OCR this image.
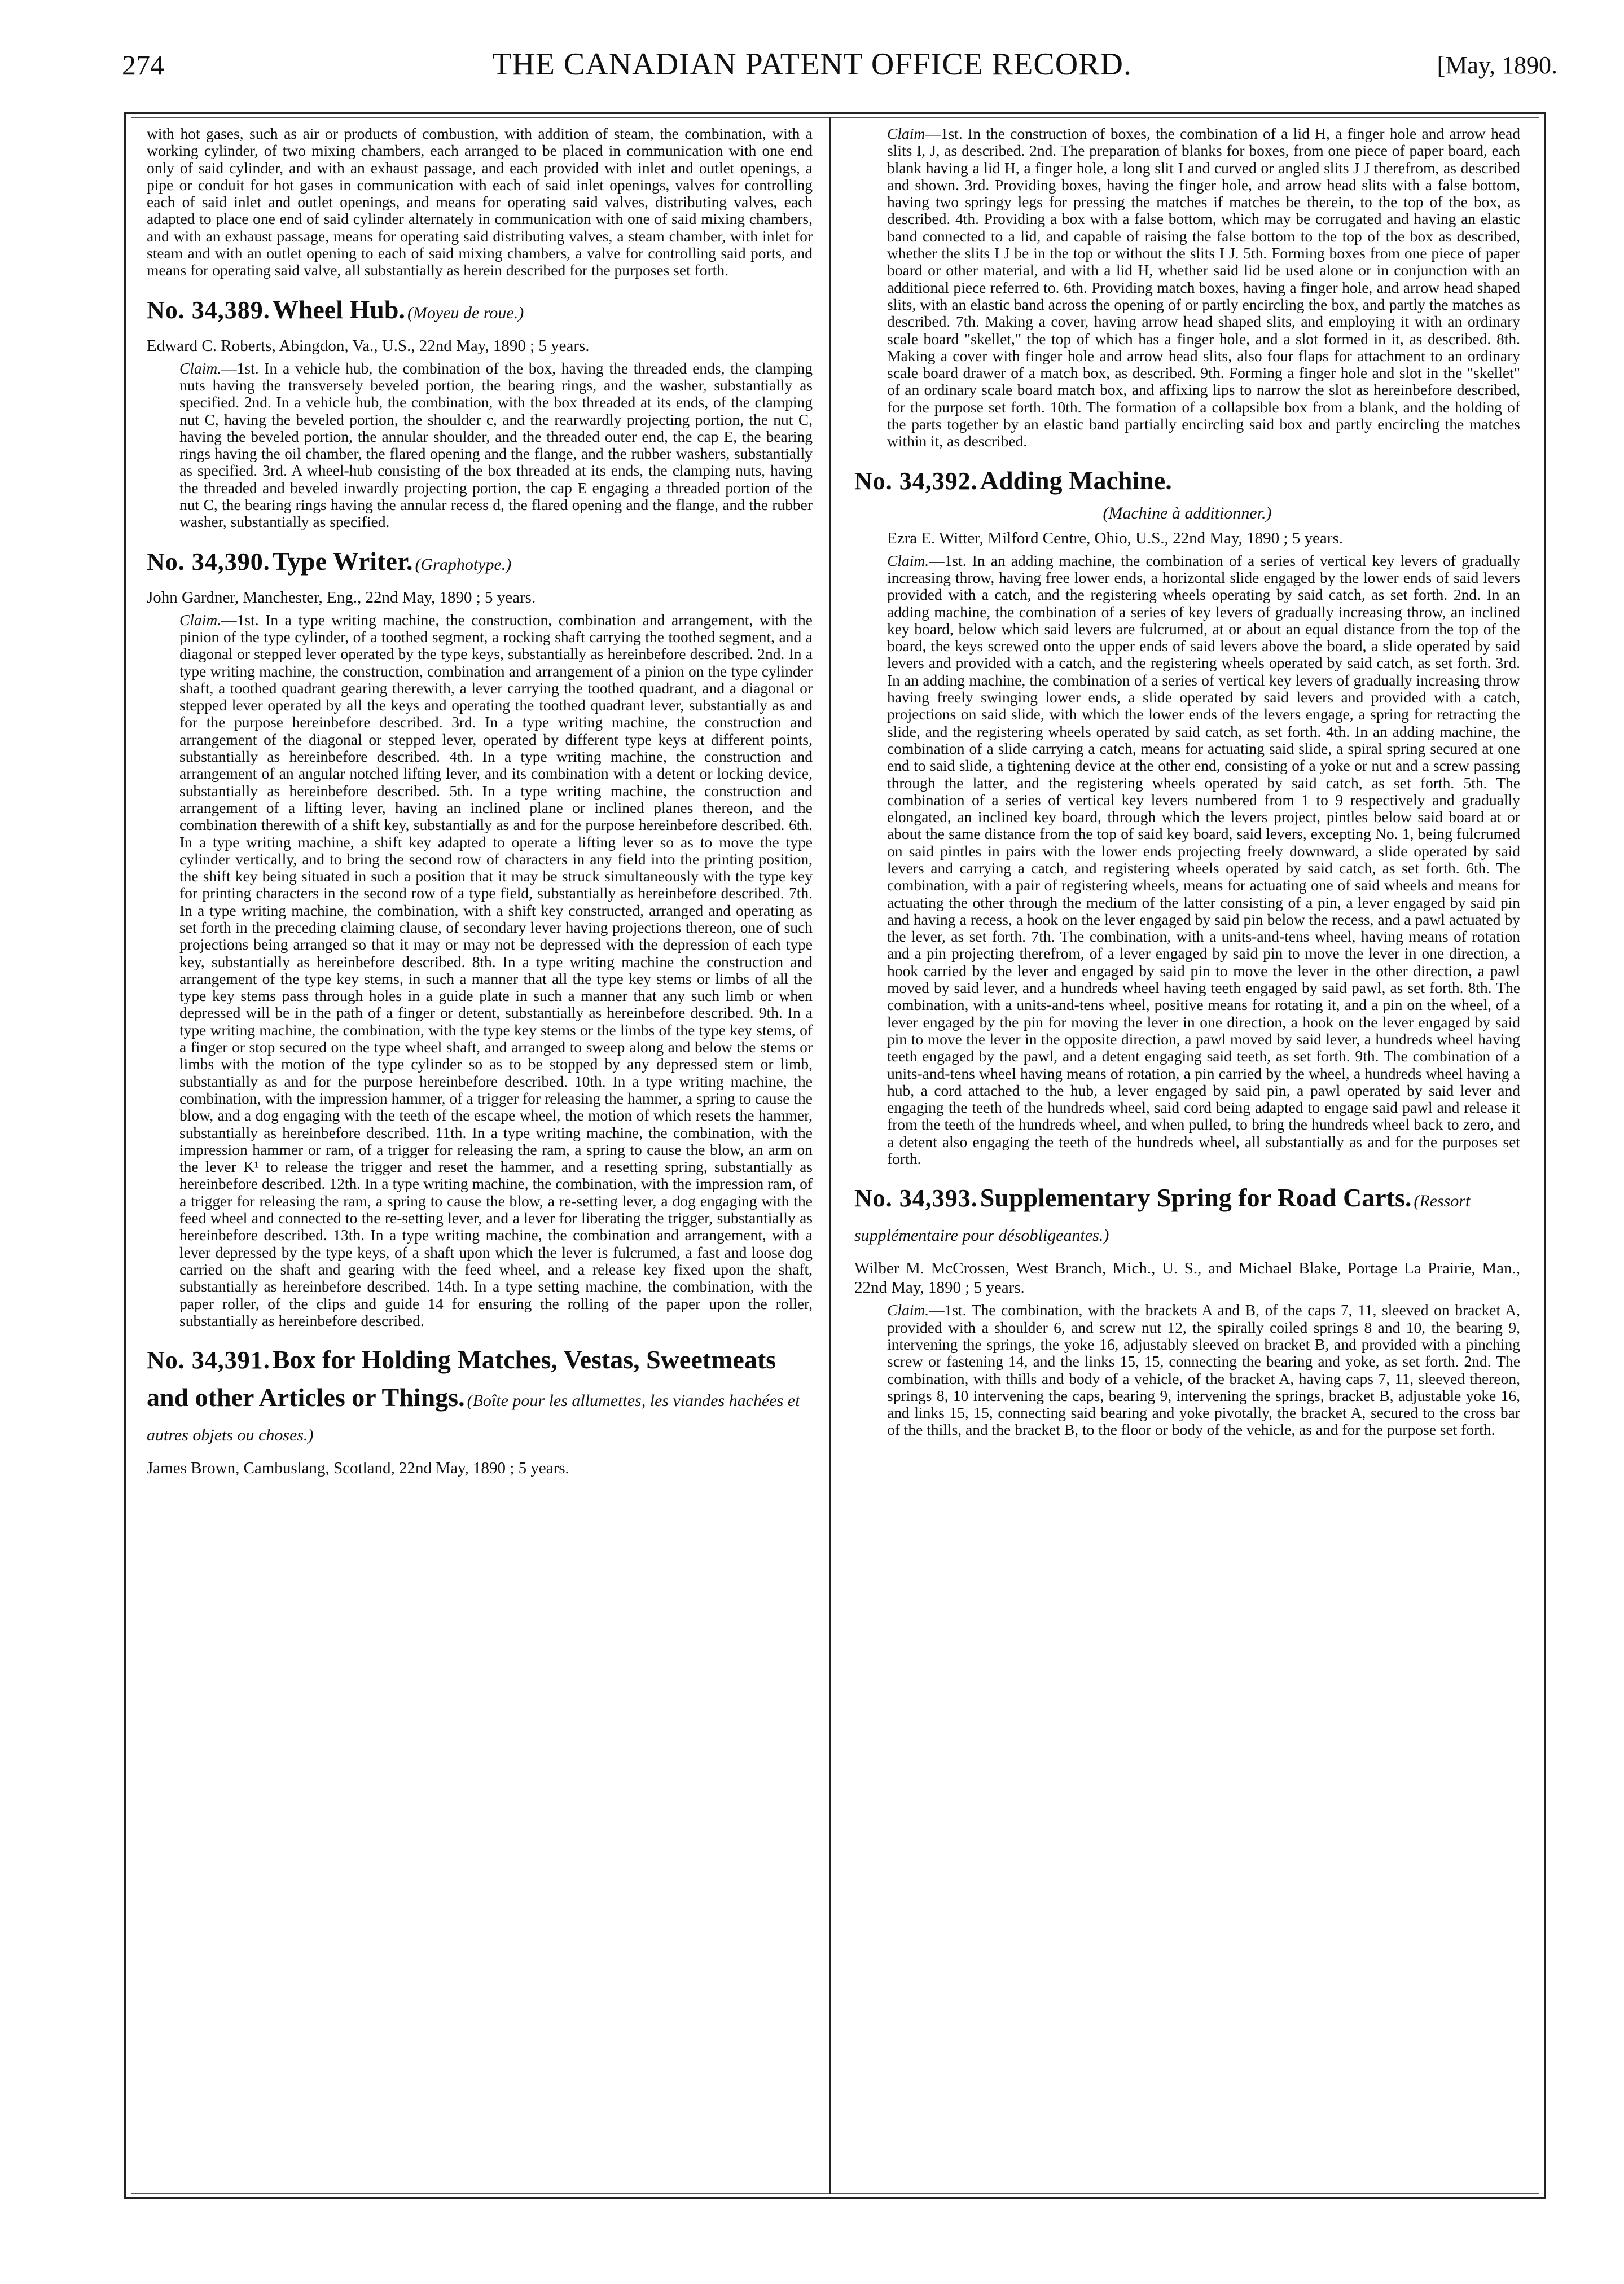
274	THE CANADIAN PATENT OFFICE RECORD.	[May, 1890.

with hot gases, such as air or products of combustion, with addition of steam, the combination, with a working cylinder, of two mixing chambers, each arranged to be placed in communication with one end only of said cylinder, and with an exhaust passage, and each provided with inlet and outlet openings, a pipe or conduit for hot gases in communication with each of said inlet openings, valves for controlling each of said inlet and outlet openings, and means for operating said valves, distributing valves, each adapted to place one end of said cylinder alternately in communication with one of said mixing chambers, and with an exhaust passage, means for operating said distributing valves, a steam chamber, with inlet for steam and with an outlet opening to each of said mixing chambers, a valve for controlling said ports, and means for operating said valve, all substantially as herein described for the purposes set forth.

No. 34,389. Wheel Hub. (Moyeu de roue.)
Edward C. Roberts, Abingdon, Va., U.S., 22nd May, 1890 ; 5 years.

Claim.—1st. In a vehicle hub, the combination of the box, having the threaded ends, the clamping nuts having the transversely beveled portion, the bearing rings, and the washer, substantially as specified. 2nd. In a vehicle hub, the combination, with the box threaded at its ends, of the clamping nut C, having the beveled portion, the shoulder c, and the rearwardly projecting portion, the nut C, having the beveled portion, the annular shoulder, and the threaded outer end, the cap E, the bearing rings having the oil chamber, the flared opening and the flange, and the rubber washers, substantially as specified. 3rd. A wheel-hub consisting of the box threaded at its ends, the clamping nuts, having the threaded and beveled inwardly projecting portion, the cap E engaging a threaded portion of the nut C, the bearing rings having the annular recess d, the flared opening and the flange, and the rubber washer, substantially as specified.

No. 34,390. Type Writer. (Graphotype.)
John Gardner, Manchester, Eng., 22nd May, 1890 ; 5 years.

Claim.—1st. In a type writing machine, the construction, combination and arrangement, with the pinion of the type cylinder, of a toothed segment, a rocking shaft carrying the toothed segment, and a diagonal or stepped lever operated by the type keys, substantially as hereinbefore described. 2nd. In a type writing machine, the construction, combination and arrangement of a pinion on the type cylinder shaft, a toothed quadrant gearing therewith, a lever carrying the toothed quadrant, and a diagonal or stepped lever operated by all the keys and operating the toothed quadrant lever, substantially as and for the purpose hereinbefore described. 3rd. In a type writing machine, the construction and arrangement of the diagonal or stepped lever, operated by different type keys at different points, substantially as hereinbefore described. 4th. In a type writing machine, the construction and arrangement of an angular notched lifting lever, and its combination with a detent or locking device, substantially as hereinbefore described. 5th. In a type writing machine, the construction and arrangement of a lifting lever, having an inclined plane or inclined planes thereon, and the combination therewith of a shift key, substantially as and for the purpose hereinbefore described. 6th. In a type writing machine, a shift key adapted to operate a lifting lever so as to move the type cylinder vertically, and to bring the second row of characters in any field into the printing position, the shift key being situated in such a position that it may be struck simultaneously with the type key for printing characters in the second row of a type field, substantially as hereinbefore described. 7th. In a type writing machine, the combination, with a shift key constructed, arranged and operating as set forth in the preceding claiming clause, of secondary lever having projections thereon, one of such projections being arranged so that it may or may not be depressed with the depression of each type key, substantially as hereinbefore described. 8th. In a type writing machine the construction and arrangement of the type key stems, in such a manner that all the type key stems or limbs of all the type key stems pass through holes in a guide plate in such a manner that any such limb or when depressed will be in the path of a finger or detent, substantially as hereinbefore described. 9th. In a type writing machine, the combination, with the type key stems or the limbs of the type key stems, of a finger or stop secured on the type wheel shaft, and arranged to sweep along and below the stems or limbs with the motion of the type cylinder so as to be stopped by any depressed stem or limb, substantially as and for the purpose hereinbefore described. 10th. In a type writing machine, the combination, with the impression hammer, of a trigger for releasing the hammer, a spring to cause the blow, and a dog engaging with the teeth of the escape wheel, the motion of which resets the hammer, substantially as hereinbefore described. 11th. In a type writing machine, the combination, with the impression hammer or ram, of a trigger for releasing the ram, a spring to cause the blow, an arm on the lever K¹ to release the trigger and reset the hammer, and a resetting spring, substantially as hereinbefore described. 12th. In a type writing machine, the combination, with the impression ram, of a trigger for releasing the ram, a spring to cause the blow, a re-setting lever, a dog engaging with the feed wheel and connected to the re-setting lever, and a lever for liberating the trigger, substantially as hereinbefore described. 13th. In a type writing machine, the combination and arrangement, with a lever depressed by the type keys, of a shaft upon which the lever is fulcrumed, a fast and loose dog carried on the shaft and gearing with the feed wheel, and a release key fixed upon the shaft, substantially as hereinbefore described. 14th. In a type setting machine, the combination, with the paper roller, of the clips and guide 14 for ensuring the rolling of the paper upon the roller, substantially as hereinbefore described.

No. 34,391. Box for Holding Matches, Vestas, Sweetmeats and other Articles or Things. (Boîte pour les allumettes, les viandes hachées et autres objets ou choses.)
James Brown, Cambuslang, Scotland, 22nd May, 1890 ; 5 years.

Claim—1st. In the construction of boxes, the combination of a lid H, a finger hole and arrow head slits I, J, as described. 2nd. The preparation of blanks for boxes, from one piece of paper board, each blank having a lid H, a finger hole, a long slit I and curved or angled slits J J therefrom, as described and shown. 3rd. Providing boxes, having the finger hole, and arrow head slits with a false bottom, having two springy legs for pressing the matches if matches be therein, to the top of the box, as described. 4th. Providing a box with a false bottom, which may be corrugated and having an elastic band connected to a lid, and capable of raising the false bottom to the top of the box as described, whether the slits I J be in the top or without the slits I J. 5th. Forming boxes from one piece of paper board or other material, and with a lid H, whether said lid be used alone or in conjunction with an additional piece referred to. 6th. Providing match boxes, having a finger hole, and arrow head shaped slits, with an elastic band across the opening of or partly encircling the box, and partly the matches as described. 7th. Making a cover, having arrow head shaped slits, and employing it with an ordinary scale board "skellet," the top of which has a finger hole, and a slot formed in it, as described. 8th. Making a cover with finger hole and arrow head slits, also four flaps for attachment to an ordinary scale board drawer of a match box, as described. 9th. Forming a finger hole and slot in the "skellet" of an ordinary scale board match box, and affixing lips to narrow the slot as hereinbefore described, for the purpose set forth. 10th. The formation of a collapsible box from a blank, and the holding of the parts together by an elastic band partially encircling said box and partly encircling the matches within it, as described.

No. 34,392. Adding Machine.
(Machine à additionner.)
Ezra E. Witter, Milford Centre, Ohio, U.S., 22nd May, 1890 ; 5 years.

Claim.—1st. In an adding machine, the combination of a series of vertical key levers of gradually increasing throw, having free lower ends, a horizontal slide engaged by the lower ends of said levers provided with a catch, and the registering wheels operating by said catch, as set forth. 2nd. In an adding machine, the combination of a series of key levers of gradually increasing throw, an inclined key board, below which said levers are fulcrumed, at or about an equal distance from the top of the board, the keys screwed onto the upper ends of said levers above the board, a slide operated by said levers and provided with a catch, and the registering wheels operated by said catch, as set forth. 3rd. In an adding machine, the combination of a series of vertical key levers of gradually increasing throw having freely swinging lower ends, a slide operated by said levers and provided with a catch, projections on said slide, with which the lower ends of the levers engage, a spring for retracting the slide, and the registering wheels operated by said catch, as set forth. 4th. In an adding machine, the combination of a slide carrying a catch, means for actuating said slide, a spiral spring secured at one end to said slide, a tightening device at the other end, consisting of a yoke or nut and a screw passing through the latter, and the registering wheels operated by said catch, as set forth. 5th. The combination of a series of vertical key levers numbered from 1 to 9 respectively and gradually elongated, an inclined key board, through which the levers project, pintles below said board at or about the same distance from the top of said key board, said levers, excepting No. 1, being fulcrumed on said pintles in pairs with the lower ends projecting freely downward, a slide operated by said levers and carrying a catch, and registering wheels operated by said catch, as set forth. 6th. The combination, with a pair of registering wheels, means for actuating one of said wheels and means for actuating the other through the medium of the latter consisting of a pin, a lever engaged by said pin and having a recess, a hook on the lever engaged by said pin below the recess, and a pawl actuated by the lever, as set forth. 7th. The combination, with a units-and-tens wheel, having means of rotation and a pin projecting therefrom, of a lever engaged by said pin to move the lever in one direction, a hook carried by the lever and engaged by said pin to move the lever in the other direction, a pawl moved by said lever, and a hundreds wheel having teeth engaged by said pawl, as set forth. 8th. The combination, with a units-and-tens wheel, positive means for rotating it, and a pin on the wheel, of a lever engaged by the pin for moving the lever in one direction, a hook on the lever engaged by said pin to move the lever in the opposite direction, a pawl moved by said lever, a hundreds wheel having teeth engaged by the pawl, and a detent engaging said teeth, as set forth. 9th. The combination of a units-and-tens wheel having means of rotation, a pin carried by the wheel, a hundreds wheel having a hub, a cord attached to the hub, a lever engaged by said pin, a pawl operated by said lever and engaging the teeth of the hundreds wheel, said cord being adapted to engage said pawl and release it from the teeth of the hundreds wheel, and when pulled, to bring the hundreds wheel back to zero, and a detent also engaging the teeth of the hundreds wheel, all substantially as and for the purposes set forth.

No. 34,393. Supplementary Spring for Road Carts. (Ressort supplémentaire pour désobligeantes.)
Wilber M. McCrossen, West Branch, Mich., U. S., and Michael Blake, Portage La Prairie, Man., 22nd May, 1890 ; 5 years.

Claim.—1st. The combination, with the brackets A and B, of the caps 7, 11, sleeved on bracket A, provided with a shoulder 6, and screw nut 12, the spirally coiled springs 8 and 10, the bearing 9, intervening the springs, the yoke 16, adjustably sleeved on bracket B, and provided with a pinching screw or fastening 14, and the links 15, 15, connecting the bearing and yoke, as set forth. 2nd. The combination, with thills and body of a vehicle, of the bracket A, having caps 7, 11, sleeved thereon, springs 8, 10 intervening the caps, bearing 9, intervening the springs, bracket B, adjustable yoke 16, and links 15, 15, connecting said bearing and yoke pivotally, the bracket A, secured to the cross bar of the thills, and the bracket B, to the floor or body of the vehicle, as and for the purpose set forth.
